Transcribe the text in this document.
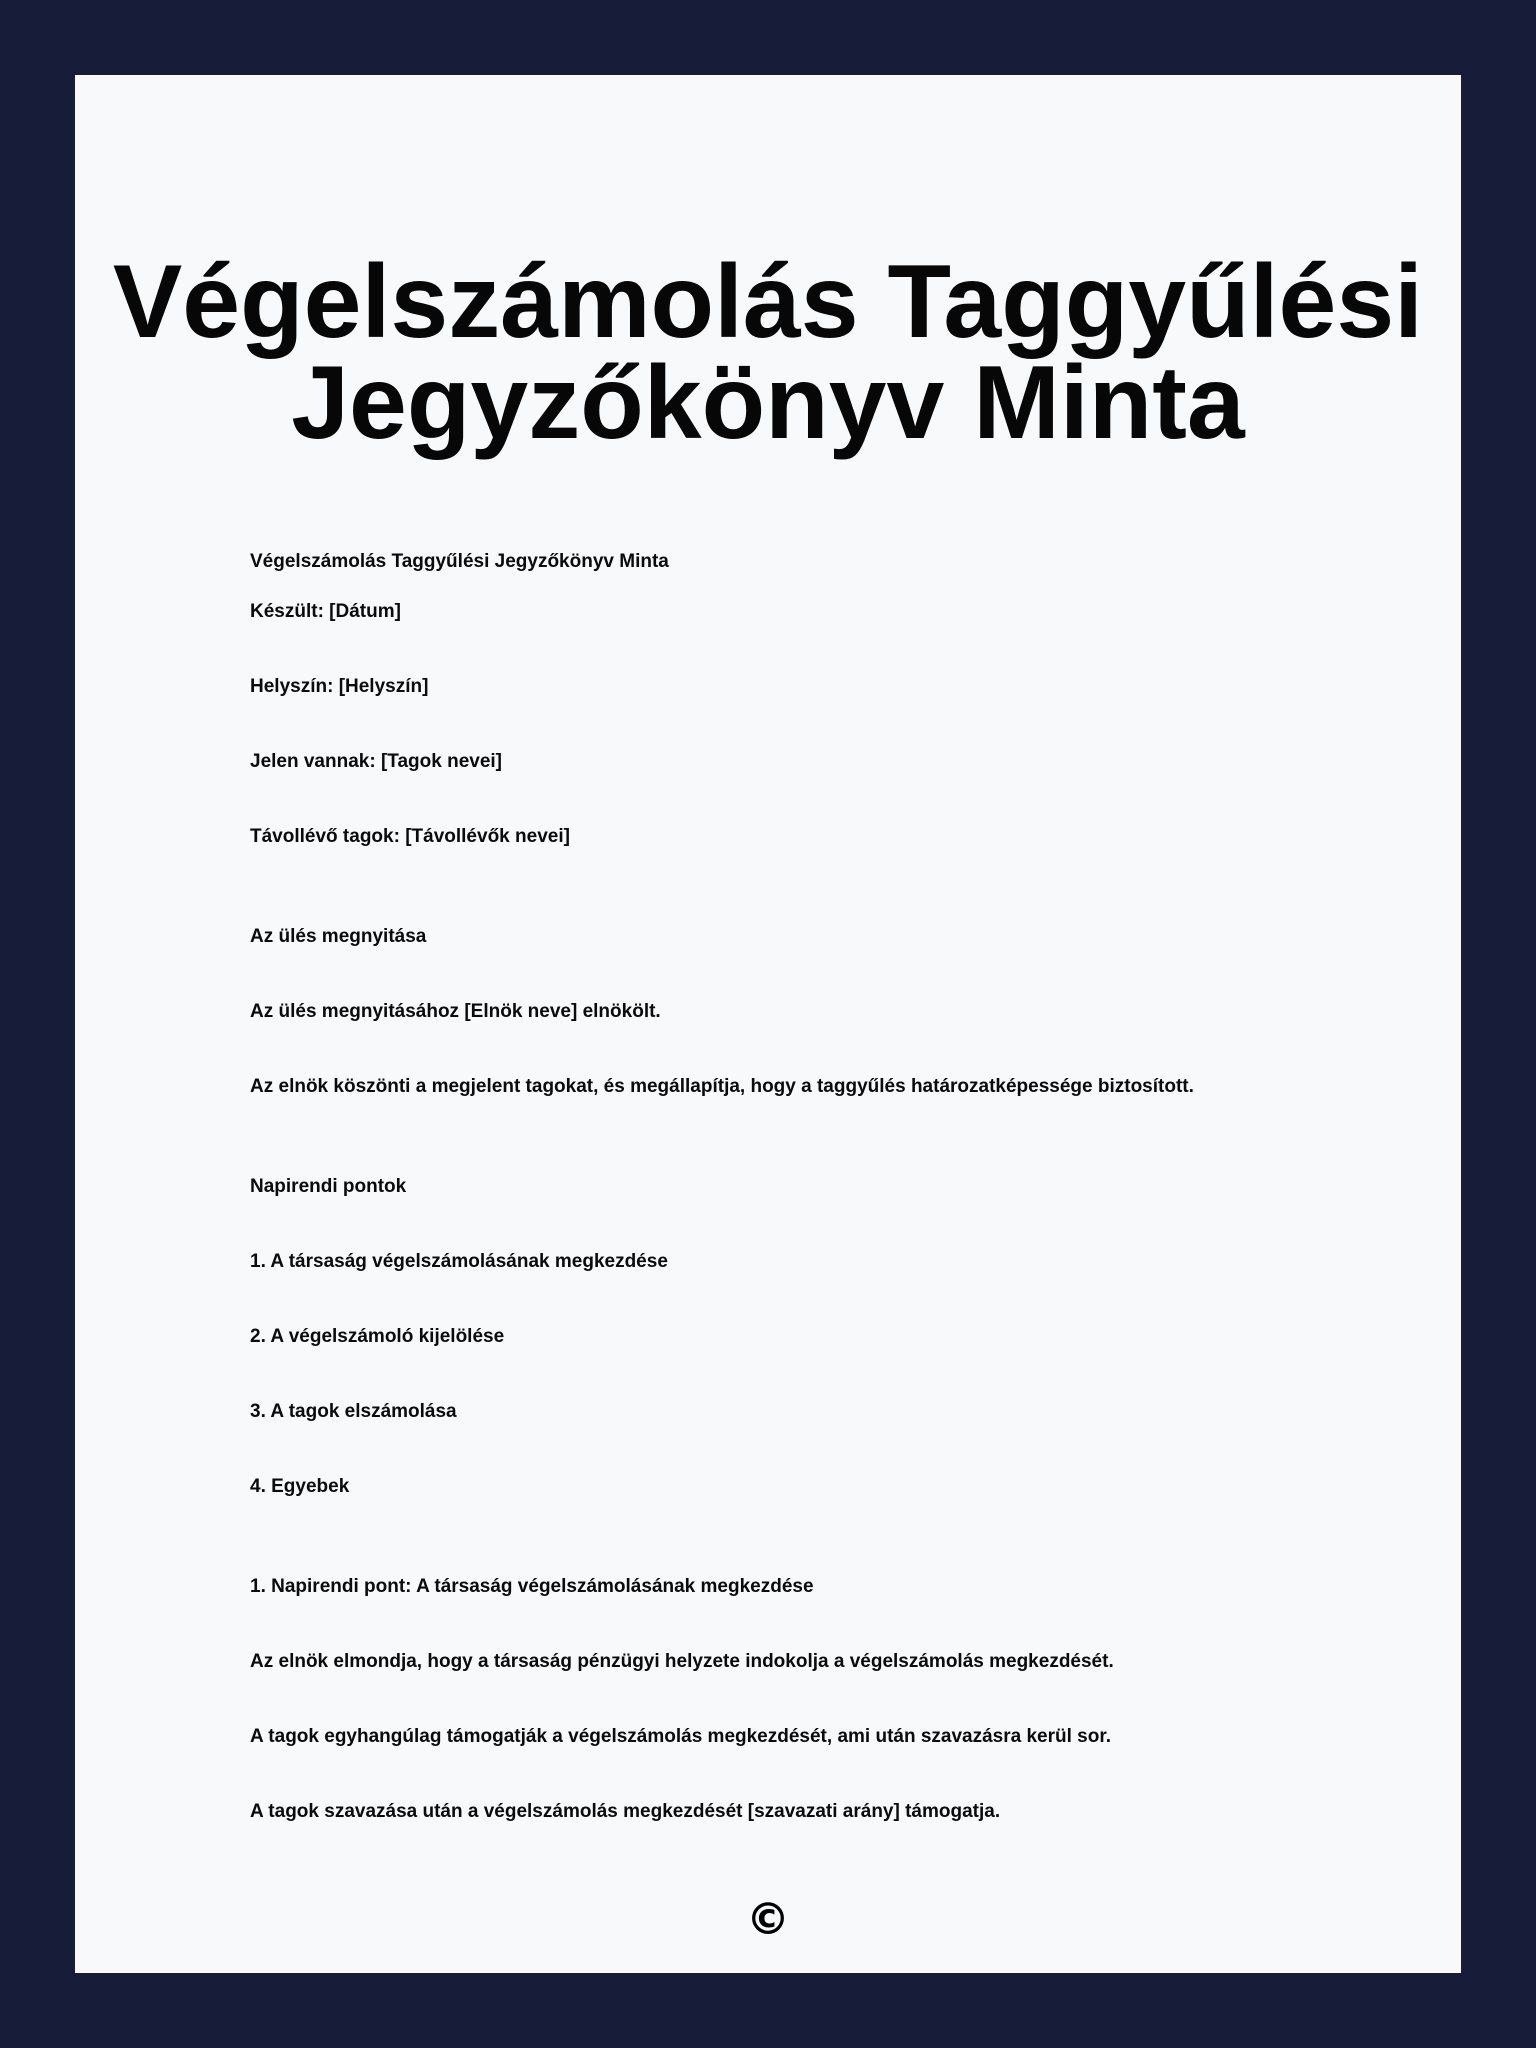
Végelszámolás Taggyűlési
Jegyzőkönyv Minta

Végelszámolás Taggyűlési Jegyzőkönyv Minta

Készült: [Dátum]

Helyszín: [Helyszín]

Jelen vannak: [Tagok nevei]

Távollévő tagok: [Távollévők nevei]

Az ülés megnyitása

Az ülés megnyitásához [Elnök neve] elnökölt.

Az elnök köszönti a megjelent tagokat, és megállapítja, hogy a taggyűlés határozatképessége biztosított.

Napirendi pontok

1. A társaság végelszámolásának megkezdése

2. A végelszámoló kijelölése

3. A tagok elszámolása

4. Egyebek

1. Napirendi pont: A társaság végelszámolásának megkezdése

Az elnök elmondja, hogy a társaság pénzügyi helyzete indokolja a végelszámolás megkezdését.

A tagok egyhangúlag támogatják a végelszámolás megkezdését, ami után szavazásra kerül sor.

A tagok szavazása után a végelszámolás megkezdését [szavazati arány] támogatja.

©
